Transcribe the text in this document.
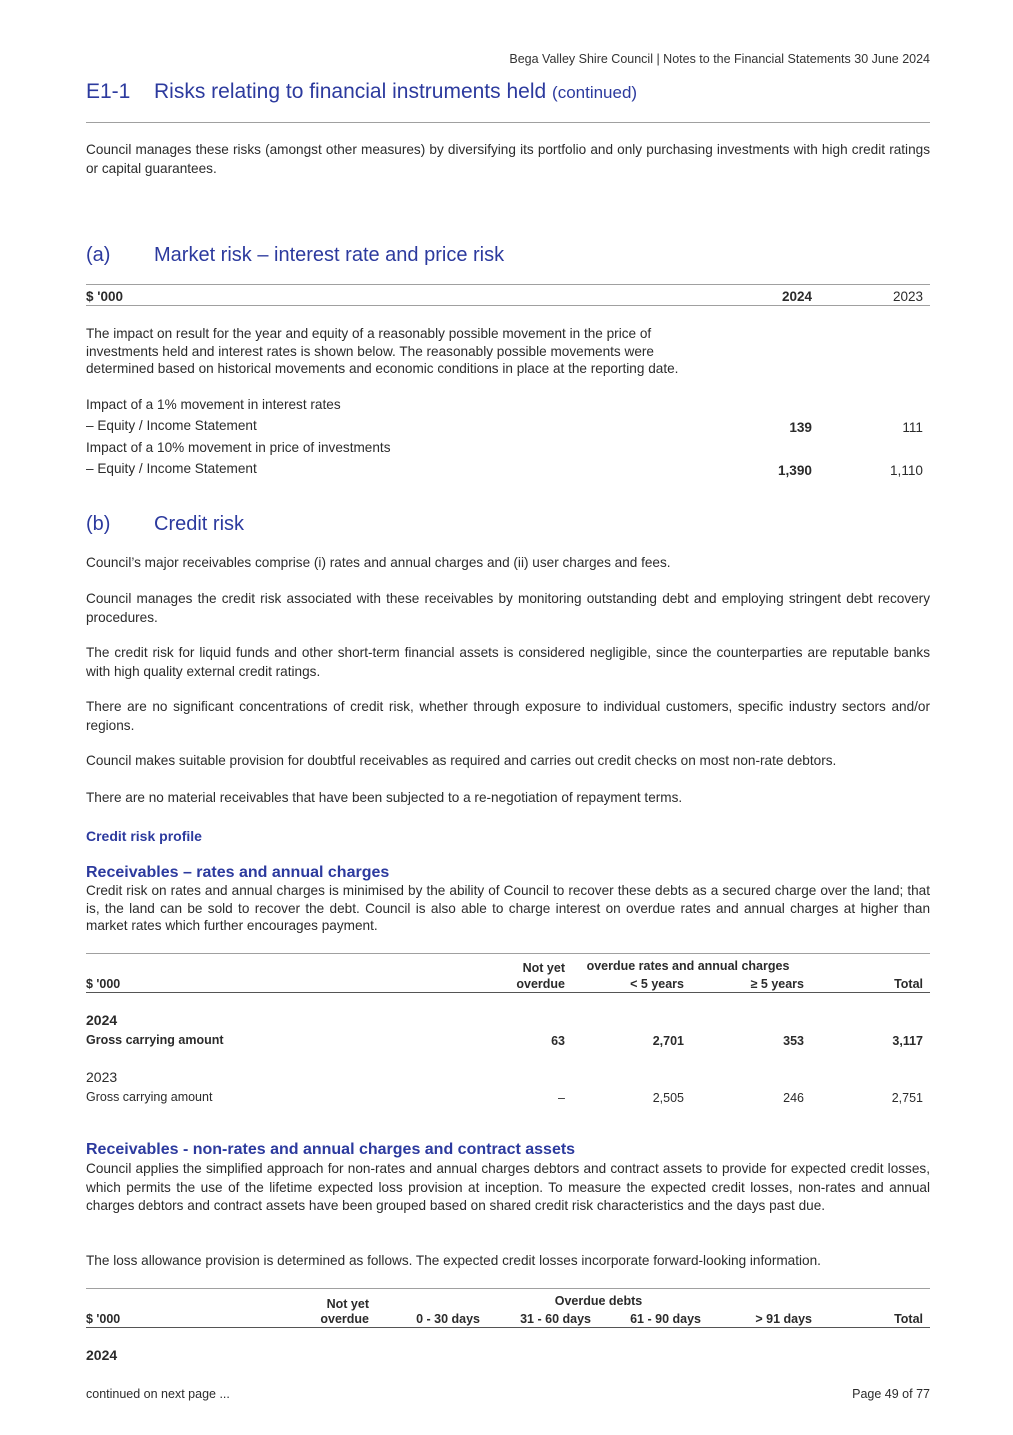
Bega Valley Shire Council | Notes to the Financial Statements 30 June 2024
E1-1 Risks relating to financial instruments held (continued)

Council manages these risks (amongst other measures) by diversifying its portfolio and only purchasing investments with high credit ratings or capital guarantees.

(a) Market risk – interest rate and price risk
$ '000	2024	2023

The impact on result for the year and equity of a reasonably possible movement in the price of investments held and interest rates is shown below. The reasonably possible movements were determined based on historical movements and economic conditions in place at the reporting date.

Impact of a 1% movement in interest rates
– Equity / Income Statement	139	111
Impact of a 10% movement in price of investments
– Equity / Income Statement	1,390	1,110
(b) Credit risk

Council’s major receivables comprise (i) rates and annual charges and (ii) user charges and fees.

Council manages the credit risk associated with these receivables by monitoring outstanding debt and employing stringent debt recovery procedures.

The credit risk for liquid funds and other short-term financial assets is considered negligible, since the counterparties are reputable banks with high quality external credit ratings.

There are no significant concentrations of credit risk, whether through exposure to individual customers, specific industry sectors and/or regions.

Council makes suitable provision for doubtful receivables as required and carries out credit checks on most non-rate debtors.

There are no material receivables that have been subjected to a re-negotiation of repayment terms.

Credit risk profile
Receivables – rates and annual charges

Credit risk on rates and annual charges is minimised by the ability of Council to recover these debts as a secured charge over the land; that is, the land can be sold to recover the debt. Council is also able to charge interest on overdue rates and annual charges at higher than market rates which further encourages payment.

Not yet	overdue rates and annual charges
$ '000	overdue	< 5 years	≥ 5 years	Total
2024
Gross carrying amount	63	2,701	353	3,117
2023
Gross carrying amount	–	2,505	246	2,751
Receivables - non-rates and annual charges and contract assets

Council applies the simplified approach for non-rates and annual charges debtors and contract assets to provide for expected credit losses, which permits the use of the lifetime expected loss provision at inception. To measure the expected credit losses, non-rates and annual charges debtors and contract assets have been grouped based on shared credit risk characteristics and the days past due.

The loss allowance provision is determined as follows. The expected credit losses incorporate forward-looking information.

Not yet	Overdue debts
$ '000	overdue	0 - 30 days	31 - 60 days	61 - 90 days	> 91 days	Total
2024
continued on next page ...	Page 49 of 77
